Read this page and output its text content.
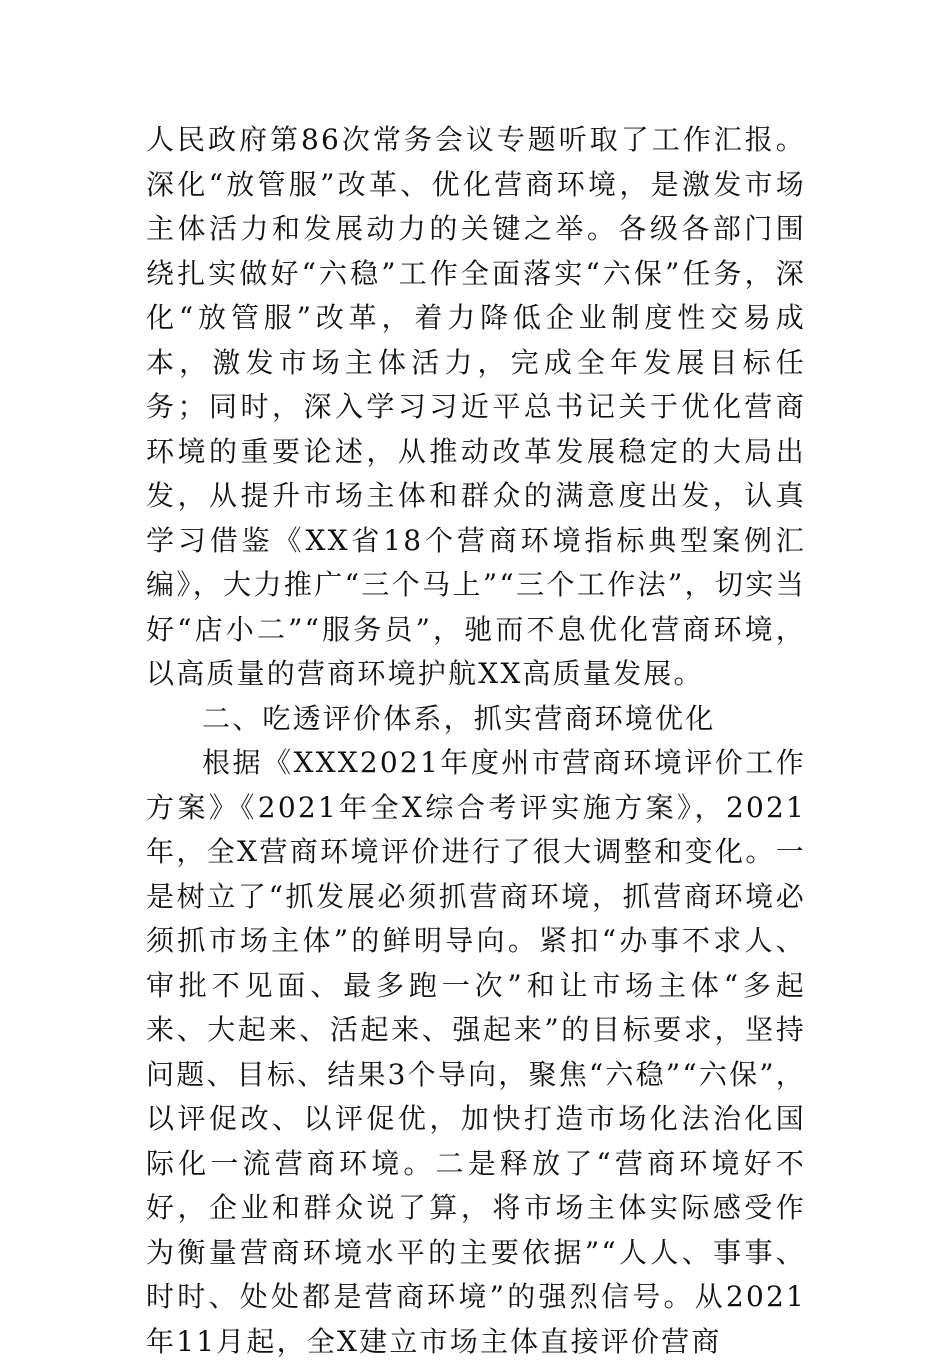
人民政府第86次常务会议专题听取了工作汇报。深化“放管服”改革、优化营商环境，是激发市场主体活力和发展动力的关键之举。各级各部门围绕扎实做好“六稳”工作全面落实“六保”任务，深化“放管服”改革，着力降低企业制度性交易成本，激发市场主体活力，完成全年发展目标任务；同时，深入学习习近平总书记关于优化营商环境的重要论述，从推动改革发展稳定的大局出发，从提升市场主体和群众的满意度出发，认真学习借鉴《XX省18个营商环境指标典型案例汇编》，大力推广“三个马上”“三个工作法”，切实当好“店小二”“服务员”，驰而不息优化营商环境，以高质量的营商环境护航XX高质量发展。

二、吃透评价体系，抓实营商环境优化

根据《XXX2021年度州市营商环境评价工作方案》《2021年全X综合考评实施方案》，2021年，全X营商环境评价进行了很大调整和变化。一是树立了“抓发展必须抓营商环境，抓营商环境必须抓市场主体”的鲜明导向。紧扣“办事不求人、审批不见面、最多跑一次”和让市场主体“多起来、大起来、活起来、强起来”的目标要求，坚持问题、目标、结果3个导向，聚焦“六稳”“六保”，以评促改、以评促优，加快打造市场化法治化国际化一流营商环境。二是释放了“营商环境好不好，企业和群众说了算，将市场主体实际感受作为衡量营商环境水平的主要依据”“人人、事事、时时、处处都是营商环境”的强烈信号。从2021年11月起，全X建立市场主体直接评价营商
